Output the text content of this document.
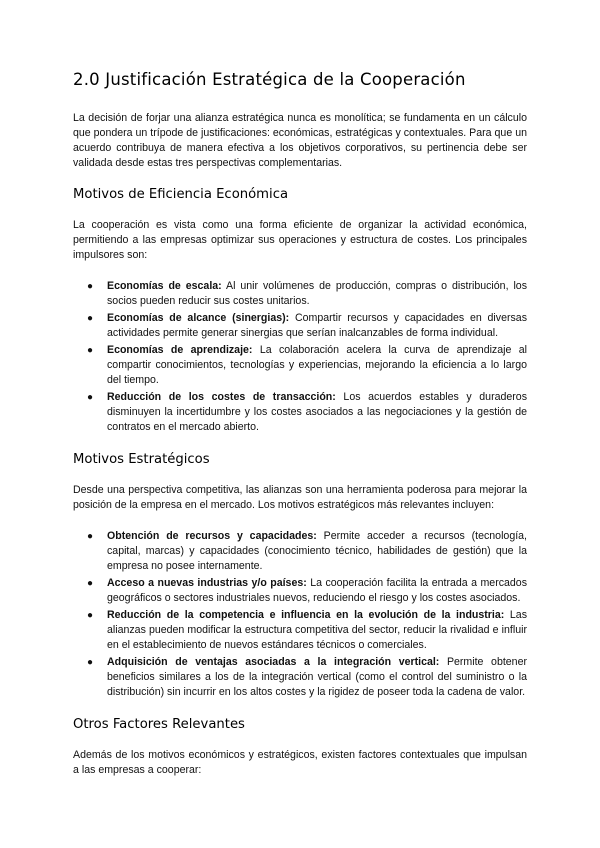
2.0 Justificación Estratégica de la Cooperación

La decisión de forjar una alianza estratégica nunca es monolítica; se fundamenta en un cálculo que pondera un trípode de justificaciones: económicas, estratégicas y contextuales. Para que un acuerdo contribuya de manera efectiva a los objetivos corporativos, su pertinencia debe ser validada desde estas tres perspectivas complementarias.

Motivos de Eficiencia Económica

La cooperación es vista como una forma eficiente de organizar la actividad económica, permitiendo a las empresas optimizar sus operaciones y estructura de costes. Los principales impulsores son:

● Economías de escala: Al unir volúmenes de producción, compras o distribución, los socios pueden reducir sus costes unitarios.
● Economías de alcance (sinergias): Compartir recursos y capacidades en diversas actividades permite generar sinergias que serían inalcanzables de forma individual.
● Economías de aprendizaje: La colaboración acelera la curva de aprendizaje al compartir conocimientos, tecnologías y experiencias, mejorando la eficiencia a lo largo del tiempo.
● Reducción de los costes de transacción: Los acuerdos estables y duraderos disminuyen la incertidumbre y los costes asociados a las negociaciones y la gestión de contratos en el mercado abierto.
Motivos Estratégicos

Desde una perspectiva competitiva, las alianzas son una herramienta poderosa para mejorar la posición de la empresa en el mercado. Los motivos estratégicos más relevantes incluyen:

● Obtención de recursos y capacidades: Permite acceder a recursos (tecnología, capital, marcas) y capacidades (conocimiento técnico, habilidades de gestión) que la empresa no posee internamente.
● Acceso a nuevas industrias y/o países: La cooperación facilita la entrada a mercados geográficos o sectores industriales nuevos, reduciendo el riesgo y los costes asociados.
● Reducción de la competencia e influencia en la evolución de la industria: Las alianzas pueden modificar la estructura competitiva del sector, reducir la rivalidad e influir en el establecimiento de nuevos estándares técnicos o comerciales.
● Adquisición de ventajas asociadas a la integración vertical: Permite obtener beneficios similares a los de la integración vertical (como el control del suministro o la distribución) sin incurrir en los altos costes y la rigidez de poseer toda la cadena de valor.
Otros Factores Relevantes

Además de los motivos económicos y estratégicos, existen factores contextuales que impulsan a las empresas a cooperar:
